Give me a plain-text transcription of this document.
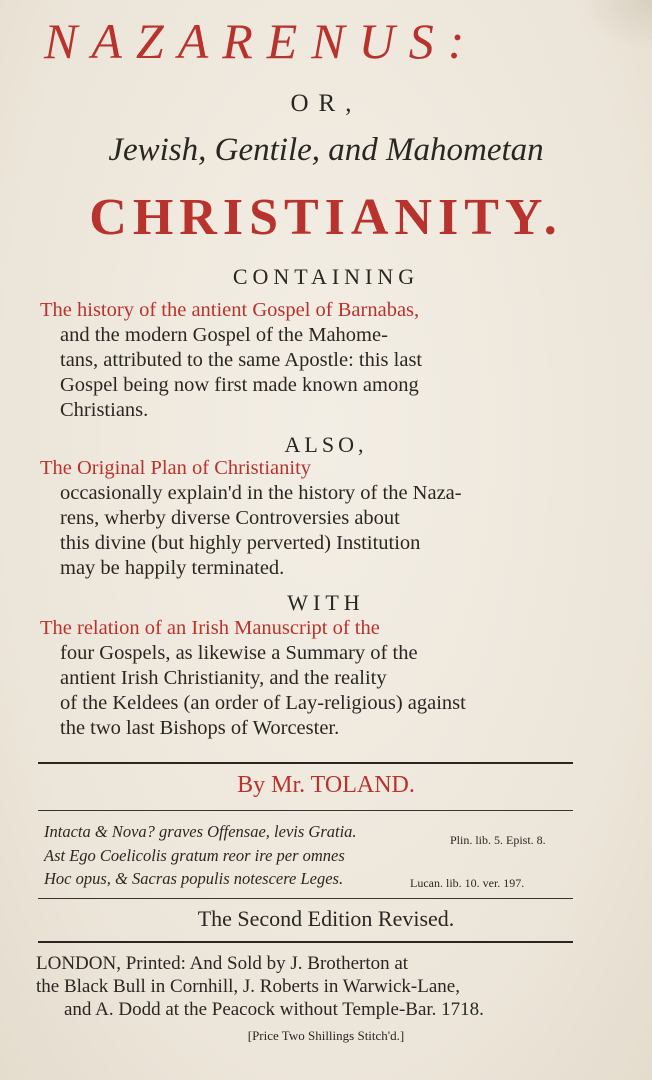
NAZARENUS:
OR,
Jewish, Gentile, and Mahometan
CHRISTIANITY.
CONTAINING
The history of the antient Gospel of Barnabas,
and the modern Gospel of the Mahome-
tans, attributed to the same Apostle: this last
Gospel being now first made known among
Christians.
ALSO,
The Original Plan of Christianity
occasionally explain'd in the history of the Naza-
rens, wherby diverse Controversies about
this divine (but highly perverted) Institution
may be happily terminated.
WITH
The relation of an Irish Manuscript of the
four Gospels, as likewise a Summary of the
antient Irish Christianity, and the reality
of the Keldees (an order of Lay-religious) against
the two last Bishops of Worcester.
By Mr. TOLAND.
Intacta & Nova? graves Offensae, levis Gratia.	Plin. lib. 5. Epist. 8.
Ast Ego Coelicolis gratum reor ire per omnes
Hoc opus, & Sacras populis notescere Leges.	Lucan. lib. 10. ver. 197.
The Second Edition Revised.
LONDON, Printed: And Sold by J. Brotherton at
the Black Bull in Cornhill, J. Roberts in Warwick-Lane,
and A. Dodd at the Peacock without Temple-Bar. 1718.
[Price Two Shillings Stitch'd.]
